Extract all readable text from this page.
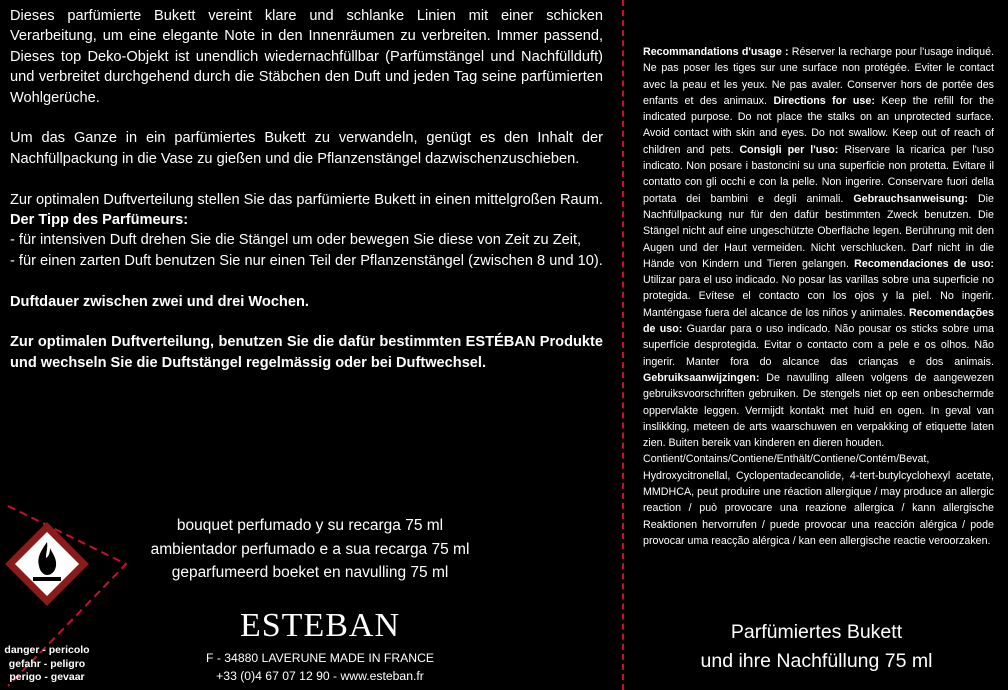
Dieses parfümierte Bukett vereint klare und schlanke Linien mit einer schicken Verarbeitung, um eine elegante Note in den Innenräumen zu verbreiten. Immer passend, Dieses top Deko-Objekt ist unendlich wiedernachfüllbar (Parfümstängel und Nachfüllduft) und verbreitet durchgehend durch die Stäbchen den Duft und jeden Tag seine parfümierten Wohlgerüche.

Um das Ganze in ein parfümiertes Bukett zu verwandeln, genügt es den Inhalt der Nachfüllpackung in die Vase zu gießen und die Pflanzenstängel dazwischenzuschieben.

Zur optimalen Duftverteilung stellen Sie das parfümierte Bukett in einen mittelgroßen Raum.

Der Tipp des Parfümeurs:

- für intensiven Duft drehen Sie die Stängel um oder bewegen Sie diese von Zeit zu Zeit,

- für einen zarten Duft benutzen Sie nur einen Teil der Pflanzenstängel (zwischen 8 und 10).

Duftdauer zwischen zwei und drei Wochen.

Zur optimalen Duftverteilung, benutzen Sie die dafür bestimmten ESTÉBAN Produkte und wechseln Sie die Duftstängel regelmässig oder bei Duftwechsel.

danger - pericolo
gefahr - peligro
perigo - gevaar
bouquet perfumado y su recarga 75 ml
ambientador perfumado e a sua recarga 75 ml
geparfumeerd boeket en navulling 75 ml
ESTEBAN
F - 34880 LAVERUNE MADE IN FRANCE
+33 (0)4 67 07 12 90 - www.esteban.fr
Recommandations d'usage : Réserver la recharge pour l'usage indiqué. Ne pas poser les tiges sur une surface non protégée. Eviter le contact avec la peau et les yeux. Ne pas avaler. Conserver hors de portée des enfants et des animaux. Directions for use: Keep the refill for the indicated purpose. Do not place the stalks on an unprotected surface. Avoid contact with skin and eyes. Do not swallow. Keep out of reach of children and pets. Consigli per l'uso: Riservare la ricarica per l'uso indicato. Non posare i bastoncini su una superficie non protetta. Evitare il contatto con gli occhi e con la pelle. Non ingerire. Conservare fuori della portata dei bambini e degli animali. Gebrauchsanweisung: Die Nachfüllpackung nur für den dafür bestimmten Zweck benutzen. Die Stängel nicht auf eine ungeschützte Oberfläche legen. Berührung mit den Augen und der Haut vermeiden. Nicht verschlucken. Darf nicht in die Hände von Kindern und Tieren gelangen. Recomendaciones de uso: Utilizar para el uso indicado. No posar las varillas sobre una superficie no protegida. Evítese el contacto con los ojos y la piel. No ingerir. Manténgase fuera del alcance de los niños y animales. Recomendações de uso: Guardar para o uso indicado. Não pousar os sticks sobre uma superfície desprotegida. Evitar o contacto com a pele e os olhos. Não ingerir. Manter fora do alcance das crianças e dos animais. Gebruiksaanwijzingen: De navulling alleen volgens de aangewezen gebruiksvoorschriften gebruiken. De stengels niet op een onbeschermde oppervlakte leggen. Vermijdt kontakt met huid en ogen. In geval van inslikking, meteen de arts waarschuwen en verpakking of etiquette laten zien. Buiten bereik van kinderen en dieren houden.
Contient/Contains/Contiene/Enthält/Contiene/Contém/Bevat, Hydroxycitronellal, Cyclopentadecanolide, 4-tert-butylcyclohexyl acetate, MMDHCA, peut produire une réaction allergique / may produce an allergic reaction / può provocare una reazione allergica / kann allergische Reaktionen hervorrufen / puede provocar una reacción alérgica / pode provocar uma reacção alérgica / kan een allergische reactie veroorzaken.
Parfümiertes Bukett
und ihre Nachfüllung 75 ml
